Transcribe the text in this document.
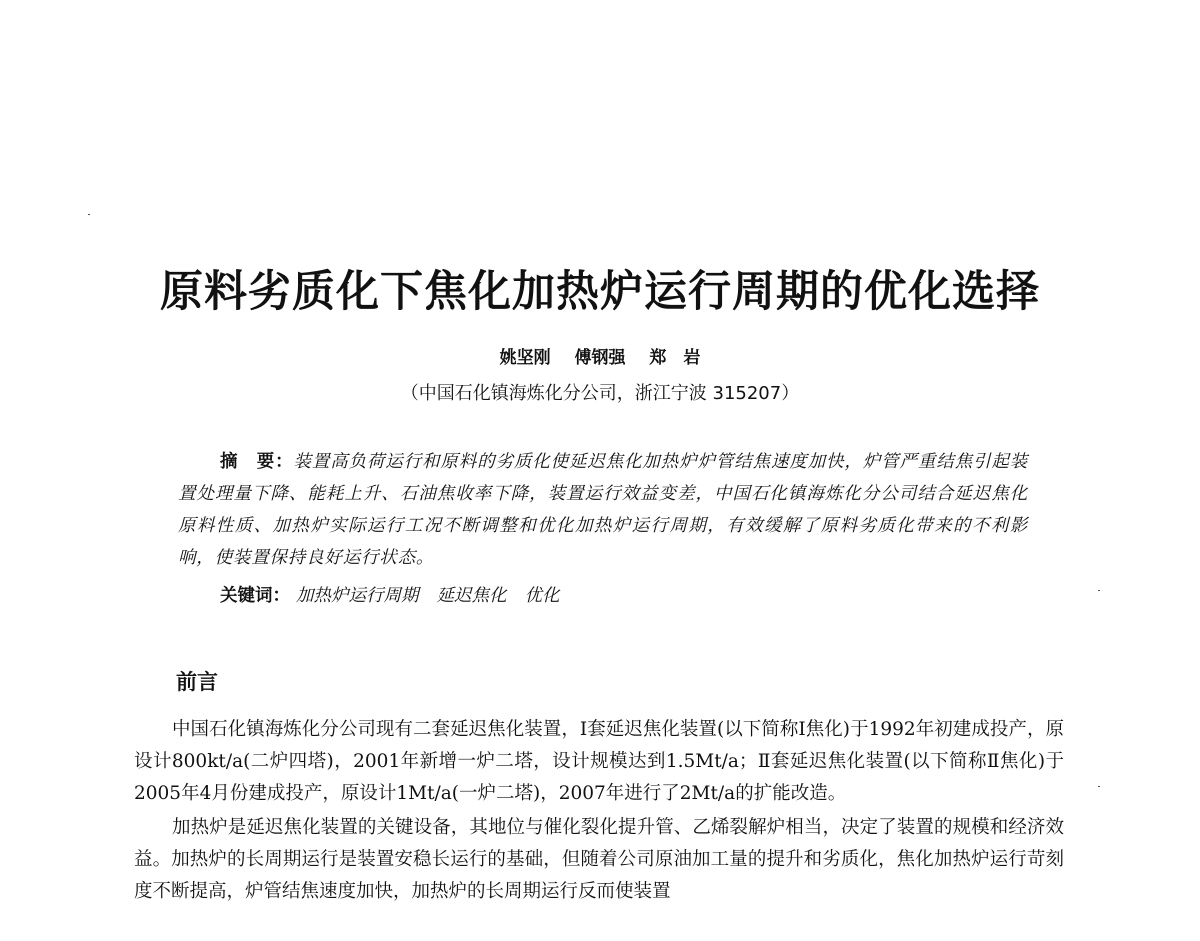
原料劣质化下焦化加热炉运行周期的优化选择
姚坚刚 傅钢强 郑　岩
（中国石化镇海炼化分公司，浙江宁波 315207）

摘　要：装置高负荷运行和原料的劣质化使延迟焦化加热炉炉管结焦速度加快，炉管严重结焦引起装置处理量下降、能耗上升、石油焦收率下降，装置运行效益变差，中国石化镇海炼化分公司结合延迟焦化原料性质、加热炉实际运行工况不断调整和优化加热炉运行周期，有效缓解了原料劣质化带来的不利影响，使装置保持良好运行状态。

关键词： 加热炉运行周期 延迟焦化 优化
前言

中国石化镇海炼化分公司现有二套延迟焦化装置，Ⅰ套延迟焦化装置(以下简称Ⅰ焦化)于1992年初建成投产，原设计800kt/a(二炉四塔)，2001年新增一炉二塔，设计规模达到1.5Mt/a；Ⅱ套延迟焦化装置(以下简称Ⅱ焦化)于2005年4月份建成投产，原设计1Mt/a(一炉二塔)，2007年进行了2Mt/a的扩能改造。

加热炉是延迟焦化装置的关键设备，其地位与催化裂化提升管、乙烯裂解炉相当，决定了装置的规模和经济效益。加热炉的长周期运行是装置安稳长运行的基础，但随着公司原油加工量的提升和劣质化，焦化加热炉运行苛刻度不断提高，炉管结焦速度加快，加热炉的长周期运行反而使装置
